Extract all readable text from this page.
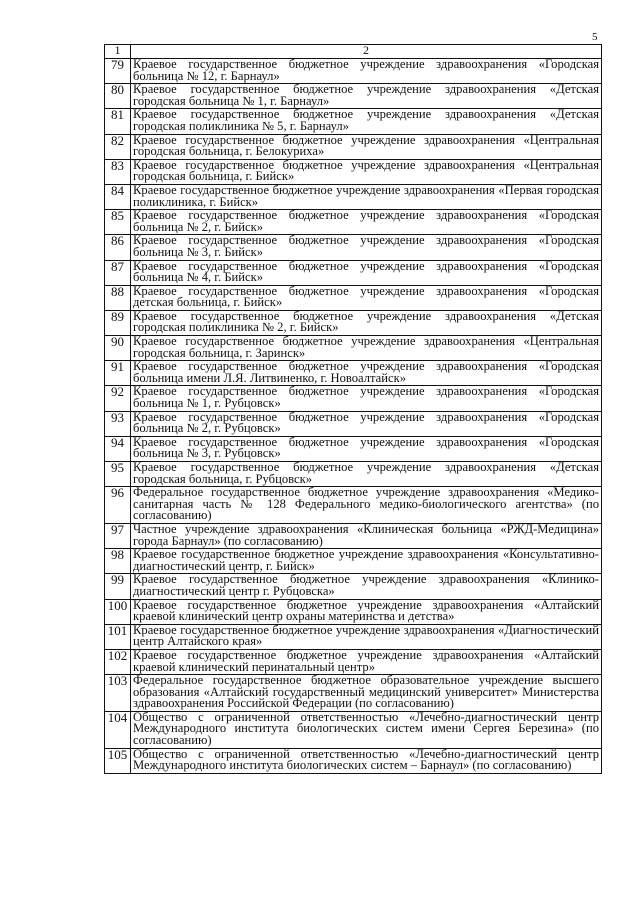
5
1	2
79	Краевое государственное бюджетное учреждение здравоохранения «Городская больница № 12, г. Барнаул»
80	Краевое государственное бюджетное учреждение здравоохранения «Детская городская больница № 1, г. Барнаул»
81	Краевое государственное бюджетное учреждение здравоохранения «Детская городская поликлиника № 5, г. Барнаул»
82	Краевое государственное бюджетное учреждение здравоохранения «Центральная городская больница, г. Белокуриха»
83	Краевое государственное бюджетное учреждение здравоохранения «Центральная городская больница, г. Бийск»
84	Краевое государственное бюджетное учреждение здравоохранения «Первая городская поликлиника, г. Бийск»
85	Краевое государственное бюджетное учреждение здравоохранения «Городская больница № 2, г. Бийск»
86	Краевое государственное бюджетное учреждение здравоохранения «Городская больница № 3, г. Бийск»
87	Краевое государственное бюджетное учреждение здравоохранения «Городская больница № 4, г. Бийск»
88	Краевое государственное бюджетное учреждение здравоохранения «Городская детская больница, г. Бийск»
89	Краевое государственное бюджетное учреждение здравоохранения «Детская городская поликлиника № 2, г. Бийск»
90	Краевое государственное бюджетное учреждение здравоохранения «Центральная городская больница, г. Заринск»
91	Краевое государственное бюджетное учреждение здравоохранения «Городская больница имени Л.Я. Литвиненко, г. Новоалтайск»
92	Краевое государственное бюджетное учреждение здравоохранения «Городская больница № 1, г. Рубцовск»
93	Краевое государственное бюджетное учреждение здравоохранения «Городская больница № 2, г. Рубцовск»
94	Краевое государственное бюджетное учреждение здравоохранения «Городская больница № 3, г. Рубцовск»
95	Краевое государственное бюджетное учреждение здравоохранения «Детская городская больница, г. Рубцовск»
96	Федеральное государственное бюджетное учреждение здравоохранения «Медико-санитарная часть № 128 Федерального медико-биологического агентства» (по согласованию)
97	Частное учреждение здравоохранения «Клиническая больница «РЖД-Медицина» города Барнаул» (по согласованию)
98	Краевое государственное бюджетное учреждение здравоохранения «Консультативно-диагностический центр, г. Бийск»
99	Краевое государственное бюджетное учреждение здравоохранения «Клинико-диагностический центр г. Рубцовска»
100	Краевое государственное бюджетное учреждение здравоохранения «Алтайский краевой клинический центр охраны материнства и детства»
101	Краевое государственное бюджетное учреждение здравоохранения «Диагностический центр Алтайского края»
102	Краевое государственное бюджетное учреждение здравоохранения «Алтайский краевой клинический перинатальный центр»
103	Федеральное государственное бюджетное образовательное учреждение высшего образования «Алтайский государственный медицинский университет» Министерства здравоохранения Российской Федерации (по согласованию)
104	Общество с ограниченной ответственностью «Лечебно-диагностический центр Международного института биологических систем имени Сергея Березина» (по согласованию)
105	Общество с ограниченной ответственностью «Лечебно-диагностический центр Международного института биологических систем – Барнаул» (по согласованию)
